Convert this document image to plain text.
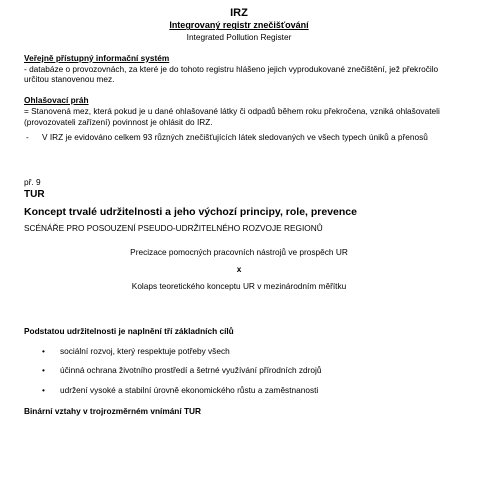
IRZ

Integrovaný registr znečišťování

Integrated Pollution Register

Veřejně přístupný informační systém

- databáze o provozovnách, za které je do tohoto registru hlášeno jejich vyprodukované znečištění, jež překročilo určitou stanovenou mez.

Ohlašovací práh

= Stanovená mez, která pokud je u dané ohlašované látky či odpadů během roku překročena, vzniká ohlašovateli (provozovateli zařízení) povinnost je ohlásit do IRZ.

-	V IRZ je evidováno celkem 93 různých znečišťujících látek sledovaných ve všech typech úniků a přenosů

př. 9

TUR

Koncept trvalé udržitelnosti a jeho výchozí principy, role, prevence

SCÉNÁŘE PRO POSOUZENÍ PSEUDO-UDRŽITELNÉHO ROZVOJE REGIONŮ

Precizace pomocných pracovních nástrojů ve prospěch UR

x

Kolaps teoretického konceptu UR v mezinárodním měřítku

Podstatou udržitelnosti je naplnění tří základních cílů

•	sociální rozvoj, který respektuje potřeby všech
•	účinná ochrana životního prostředí a šetrné využívání přírodních zdrojů
•	udržení vysoké a stabilní úrovně ekonomického růstu a zaměstnanosti

Binární vztahy v trojrozměrném vnímání TUR
